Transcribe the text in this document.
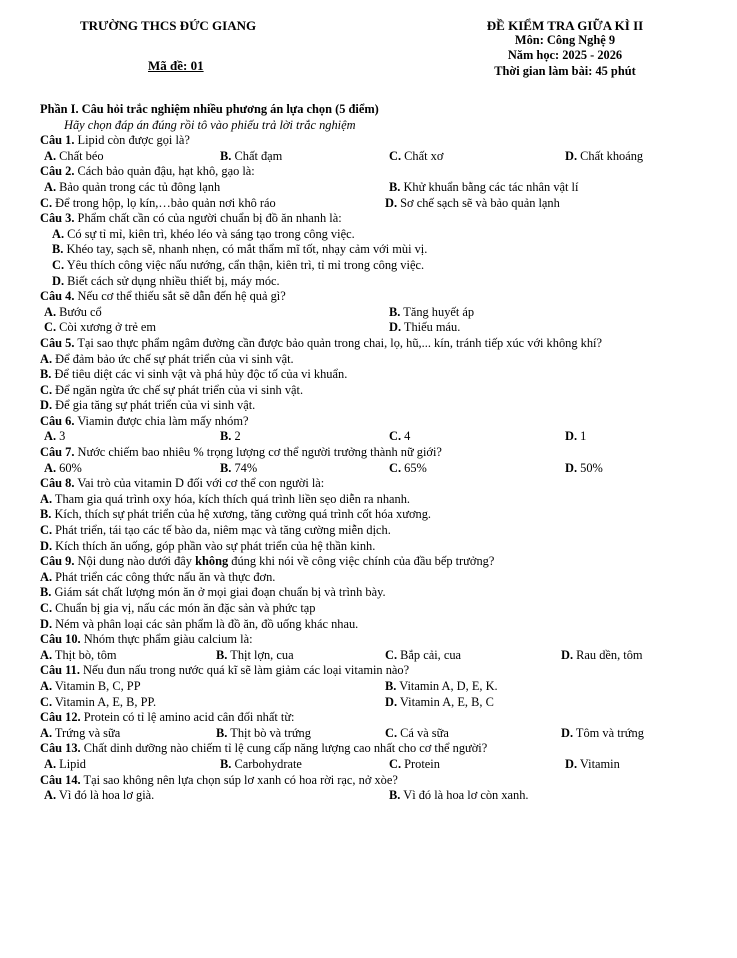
TRƯỜNG THCS ĐỨC GIANG
Mã đề: 01
ĐỀ KIỂM TRA GIỮA KÌ II
Môn: Công Nghệ 9
Năm học: 2025 - 2026
Thời gian làm bài: 45 phút
Phần I. Câu hỏi trắc nghiệm nhiều phương án lựa chọn (5 điểm)
Hãy chọn đáp án đúng rồi tô vào phiếu trả lời trắc nghiệm
Câu 1. Lipid còn được gọi là?
A. Chất béo	B. Chất đạm	C. Chất xơ	D. Chất khoáng
Câu 2. Cách bảo quản đậu, hạt khô, gạo là:
A. Bảo quản trong các tủ đông lạnh	B. Khử khuẩn bằng các tác nhân vật lí
C. Để trong hộp, lọ kín,…bảo quản nơi khô ráo	D. Sơ chế sạch sẽ và bảo quản lạnh
Câu 3. Phẩm chất cần có của người chuẩn bị đồ ăn nhanh là:
A. Có sự tỉ mỉ, kiên trì, khéo léo và sáng tạo trong công việc.
B. Khéo tay, sạch sẽ, nhanh nhẹn, có mắt thẩm mĩ tốt, nhạy cảm với mùi vị.
C. Yêu thích công việc nấu nướng, cẩn thận, kiên trì, tỉ mỉ trong công việc.
D. Biết cách sử dụng nhiều thiết bị, máy móc.
Câu 4. Nếu cơ thể thiếu sắt sẽ dẫn đến hệ quả gì?
A. Bướu cổ	B. Tăng huyết áp
C. Còi xương ở trẻ em	D. Thiếu máu.
Câu 5. Tại sao thực phẩm ngâm đường cần được bảo quản trong chai, lọ, hũ,... kín, tránh tiếp xúc với không khí?
A. Để đảm bảo ức chế sự phát triển của vi sinh vật.
B. Để tiêu diệt các vi sinh vật và phá hủy độc tố của vi khuẩn.
C. Để ngăn ngừa ức chế sự phát triển của vi sinh vật.
D. Để gia tăng sự phát triển của vi sinh vật.
Câu 6. Viamin được chia làm mấy nhóm?
A. 3	B. 2	C. 4	D. 1
Câu 7. Nước chiếm bao nhiêu % trọng lượng cơ thể người trưởng thành nữ giới?
A. 60%	B. 74%	C. 65%	D. 50%
Câu 8. Vai trò của vitamin D đối với cơ thể con người là:
A. Tham gia quá trình oxy hóa, kích thích quá trình liền sẹo diễn ra nhanh.
B. Kích, thích sự phát triển của hệ xương, tăng cường quá trình cốt hóa xương.
C. Phát triển, tái tạo các tế bào da, niêm mạc và tăng cường miễn dịch.
D. Kích thích ăn uống, góp phần vào sự phát triển của hệ thần kinh.
Câu 9. Nội dung nào dưới đây không đúng khi nói về công việc chính của đầu bếp trưởng?
A. Phát triển các công thức nấu ăn và thực đơn.
B. Giám sát chất lượng món ăn ở mọi giai đoạn chuẩn bị và trình bày.
C. Chuẩn bị gia vị, nấu các món ăn đặc sản và phức tạp
D. Ném và phân loại các sản phẩm là đồ ăn, đồ uống khác nhau.
Câu 10. Nhóm thực phẩm giàu calcium là:
A. Thịt bò, tôm	B. Thịt lợn, cua	C. Bắp cải, cua	D. Rau dền, tôm
Câu 11. Nếu đun nấu trong nước quá kĩ sẽ làm giảm các loại vitamin nào?
A. Vitamin B, C, PP	B. Vitamin A, D, E, K.
C. Vitamin A, E, B, PP.	D. Vitamin A, E, B, C
Câu 12. Protein có tỉ lệ amino acid cân đối nhất từ:
A. Trứng và sữa	B. Thịt bò và trứng	C. Cá và sữa	D. Tôm và trứng
Câu 13. Chất dinh dưỡng nào chiếm tỉ lệ cung cấp năng lượng cao nhất cho cơ thể người?
A. Lipid	B. Carbohydrate	C. Protein	D. Vitamin
Câu 14. Tại sao không nên lựa chọn súp lơ xanh có hoa rời rạc, nở xòe?
A. Vì đó là hoa lơ già.	B. Vì đó là hoa lơ còn xanh.
